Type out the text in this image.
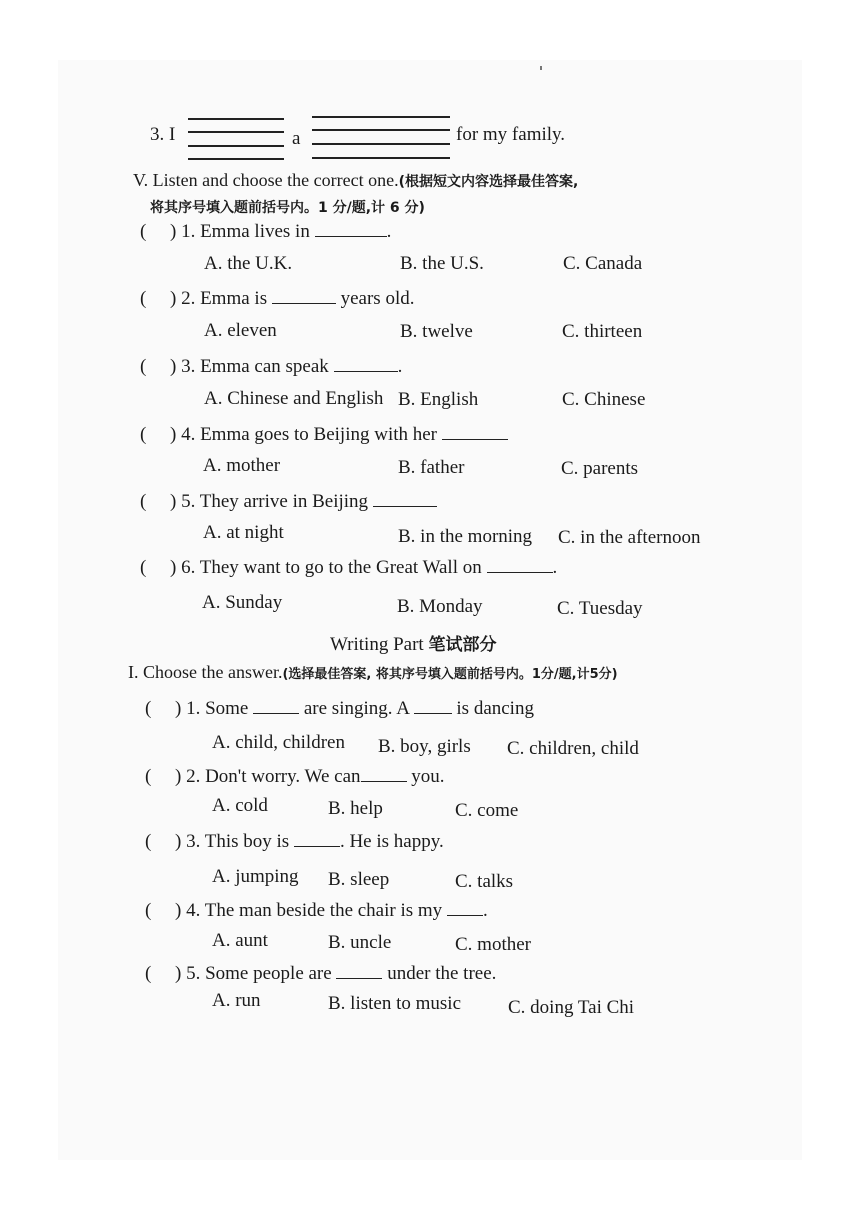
3. I	a	for my family.
V. Listen and choose the correct one.(根据短文内容选择最佳答案,
将其序号填入题前括号内。1 分/题,计 6 分)
( ) 1. Emma lives in	.
A. the U.K.	B. the U.S.	C. Canada
( ) 2. Emma is	years old.
A. eleven	B. twelve	C. thirteen
( ) 3. Emma can speak	.
A. Chinese and English B. English	C. Chinese
( ) 4. Emma goes to Beijing with her
A. mother	B. father	C. parents
( ) 5. They arrive in Beijing
A. at night	B. in the morning C. in the afternoon
( ) 6. They want to go to the Great Wall on	.
A. Sunday	B. Monday	C. Tuesday
Writing Part 笔试部分
I. Choose the answer.(选择最佳答案, 将其序号填入题前括号内。1分/题,计5分)
( ) 1. Some	are singing. A	is dancing
A. child, children B. boy, girls C. children, child
( ) 2. Don't worry. We can	you.
A. cold	B. help	C. come
( ) 3. This boy is	. He is happy.
A. jumping B. sleep	C. talks
( ) 4. The man beside the chair is my .
A. aunt	B. uncle	C. mother
( ) 5. Some people are	under the tree.
A. run	B. listen to music C. doing Tai Chi
